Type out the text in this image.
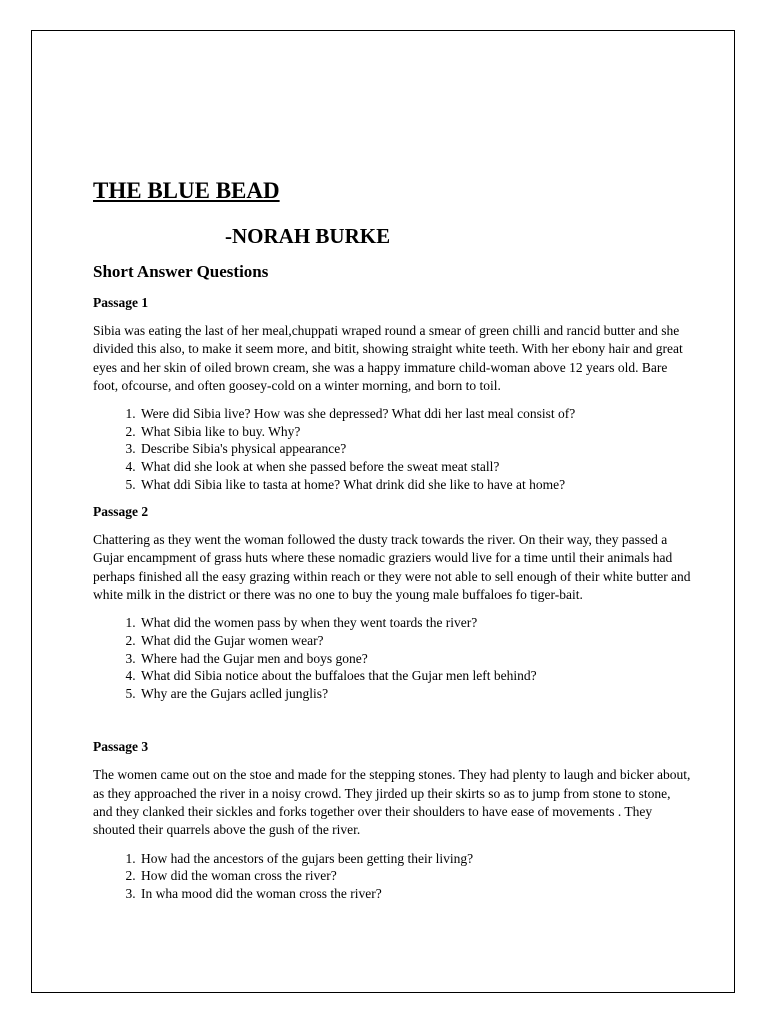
THE BLUE BEAD
-NORAH BURKE
Short Answer Questions
Passage 1

Sibia was eating the last of her meal,chuppati wraped round a smear of green chilli and rancid butter and she divided this also, to make it seem more, and bitit, showing straight white teeth. With her ebony hair and great eyes and her skin of oiled brown cream, she was a happy immature child-woman above 12 years old. Bare foot, ofcourse, and often goosey-cold on a winter morning, and born to toil.

1. Were did Sibia live? How was she depressed? What ddi her last meal consist of?
2. What Sibia like to buy. Why?
3. Describe Sibia's physical appearance?
4. What did she look at when she passed before the sweat meat stall?
5. What ddi Sibia like to tasta at home? What drink did she like to have at home?
Passage 2

Chattering as they went the woman followed the dusty track towards the river. On their way, they passed a Gujar encampment of grass huts where these nomadic graziers would live for a time until their animals had perhaps finished all the easy grazing within reach or they were not able to sell enough of their white butter and white milk in the district or there was no one to buy the young male buffaloes fo tiger-bait.

1. What did the women pass by when they went toards the river?
2. What did the Gujar women wear?
3. Where had the Gujar men and boys gone?
4. What did Sibia notice about the buffaloes that the Gujar men left behind?
5. Why are the Gujars aclled junglis?
Passage 3

The women came out on the stoe and made for the stepping stones. They had plenty to laugh and bicker about, as they approached the river in a noisy crowd. They jirded up their skirts so as to jump from stone to stone, and they clanked their sickles and forks together over their shoulders to have ease of movements . They shouted their quarrels above the gush of the river.

1. How had the ancestors of the gujars been getting their living?
2. How did the woman cross the river?
3. In wha mood did the woman cross the river?
